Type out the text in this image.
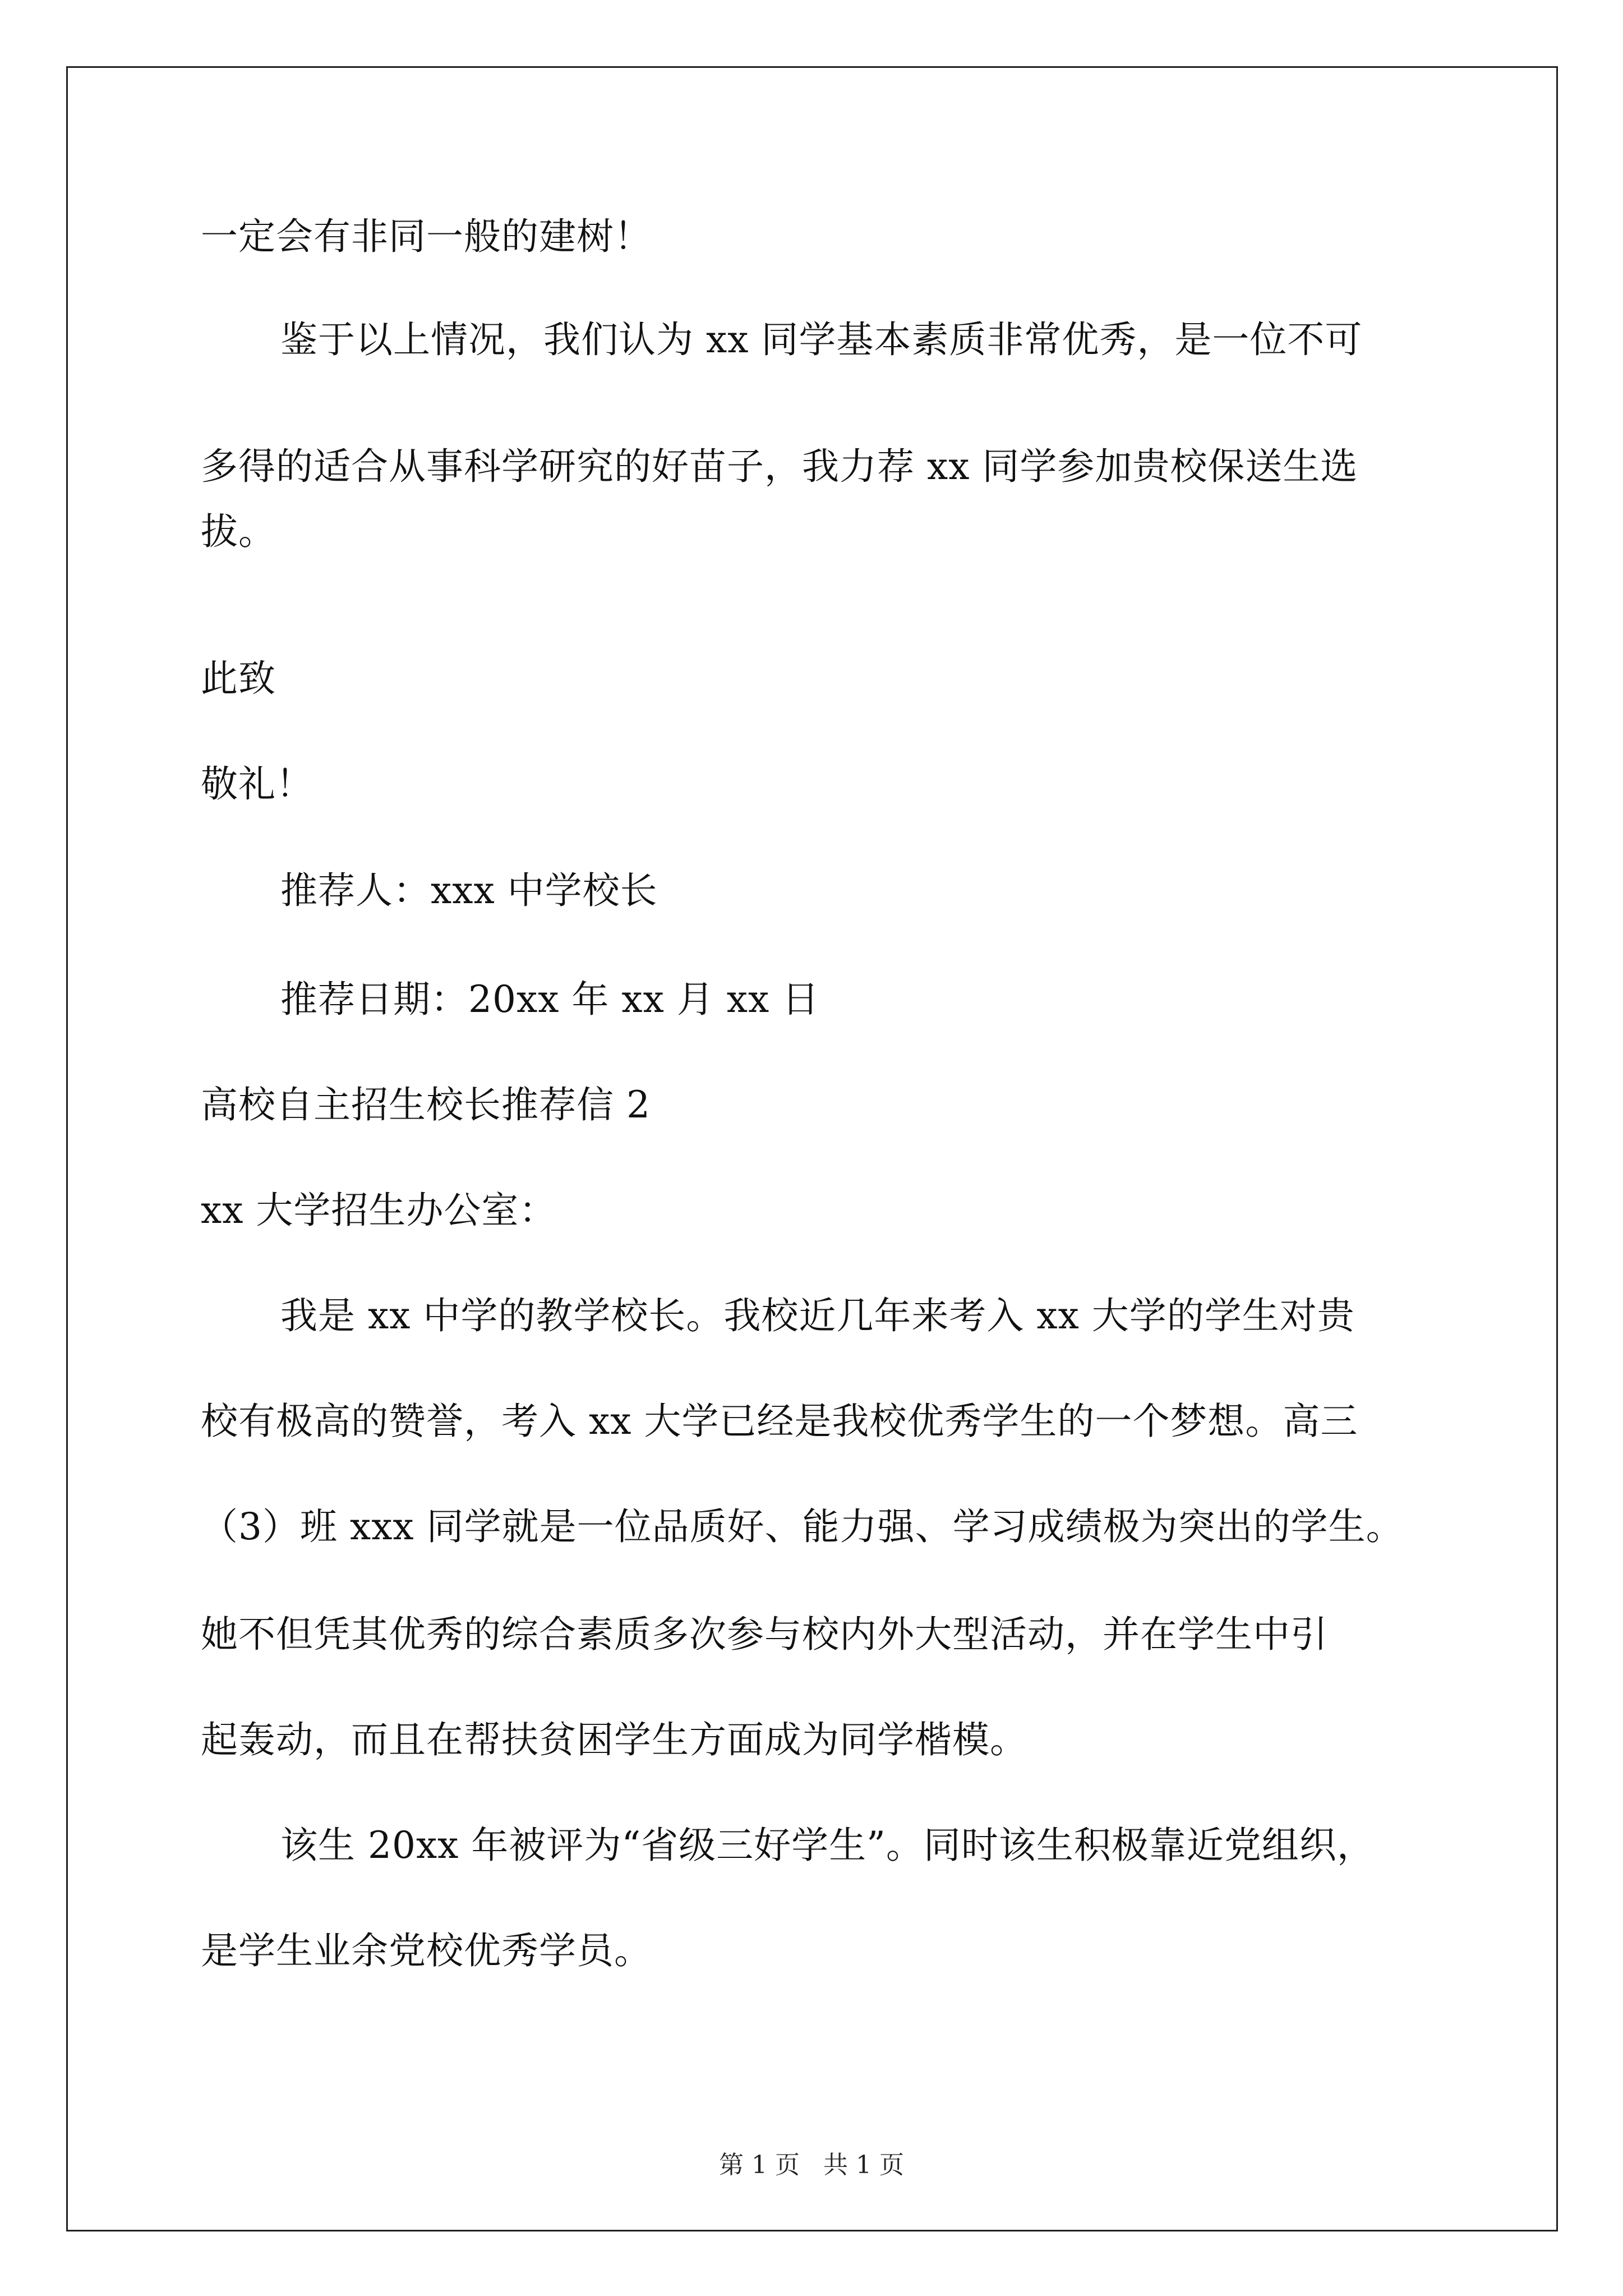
一定会有非同一般的建树！
鉴于以上情况，我们认为 xx 同学基本素质非常优秀，是一位不可
多得的适合从事科学研究的好苗子，我力荐 xx 同学参加贵校保送生选
拔。
此致
敬礼！
推荐人：xxx 中学校长
推荐日期：20xx 年 xx 月 xx 日
高校自主招生校长推荐信 2
xx 大学招生办公室：
我是 xx 中学的教学校长。我校近几年来考入 xx 大学的学生对贵
校有极高的赞誉，考入 xx 大学已经是我校优秀学生的一个梦想。高三
（3）班 xxx 同学就是一位品质好、能力强、学习成绩极为突出的学生。
她不但凭其优秀的综合素质多次参与校内外大型活动，并在学生中引
起轰动，而且在帮扶贫困学生方面成为同学楷模。
该生 20xx 年被评为“省级三好学生”。同时该生积极靠近党组织，
是学生业余党校优秀学员。
第 1 页 共 1 页
